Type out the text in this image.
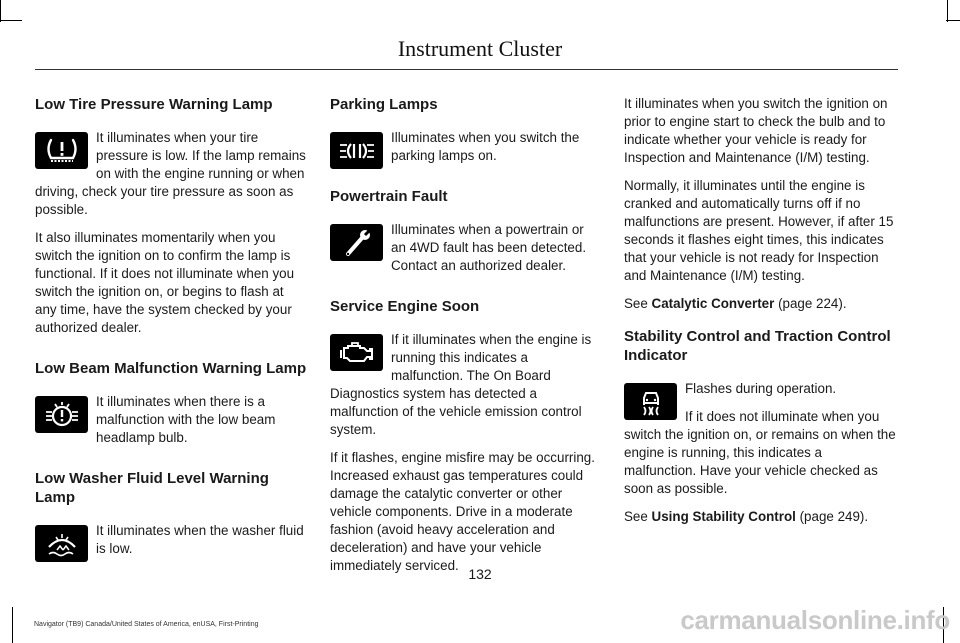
Instrument Cluster
Low Tire Pressure Warning Lamp

It illuminates when your tire pressure is low. If the lamp remains on with the engine running or when driving, check your tire pressure as soon as possible.

It also illuminates momentarily when you switch the ignition on to confirm the lamp is functional. If it does not illuminate when you switch the ignition on, or begins to flash at any time, have the system checked by your authorized dealer.

Low Beam Malfunction Warning Lamp

It illuminates when there is a malfunction with the low beam headlamp bulb.

Low Washer Fluid Level Warning Lamp

It illuminates when the washer fluid is low.

Parking Lamps

Illuminates when you switch the parking lamps on.

Powertrain Fault

Illuminates when a powertrain or an 4WD fault has been detected. Contact an authorized dealer.

Service Engine Soon

If it illuminates when the engine is running this indicates a malfunction. The On Board Diagnostics system has detected a malfunction of the vehicle emission control system.

If it flashes, engine misfire may be occurring. Increased exhaust gas temperatures could damage the catalytic converter or other vehicle components. Drive in a moderate fashion (avoid heavy acceleration and deceleration) and have your vehicle immediately serviced.

It illuminates when you switch the ignition on prior to engine start to check the bulb and to indicate whether your vehicle is ready for Inspection and Maintenance (I/M) testing.

Normally, it illuminates until the engine is cranked and automatically turns off if no malfunctions are present. However, if after 15 seconds it flashes eight times, this indicates that your vehicle is not ready for Inspection and Maintenance (I/M) testing.

See Catalytic Converter (page 224).

Stability Control and Traction Control Indicator

Flashes during operation.

If it does not illuminate when you switch the ignition on, or remains on when the engine is running, this indicates a malfunction. Have your vehicle checked as soon as possible.

See Using Stability Control (page 249).

132
Navigator (TB9) Canada/United States of America, enUSA, First-Printing	carmanualsonline.info
